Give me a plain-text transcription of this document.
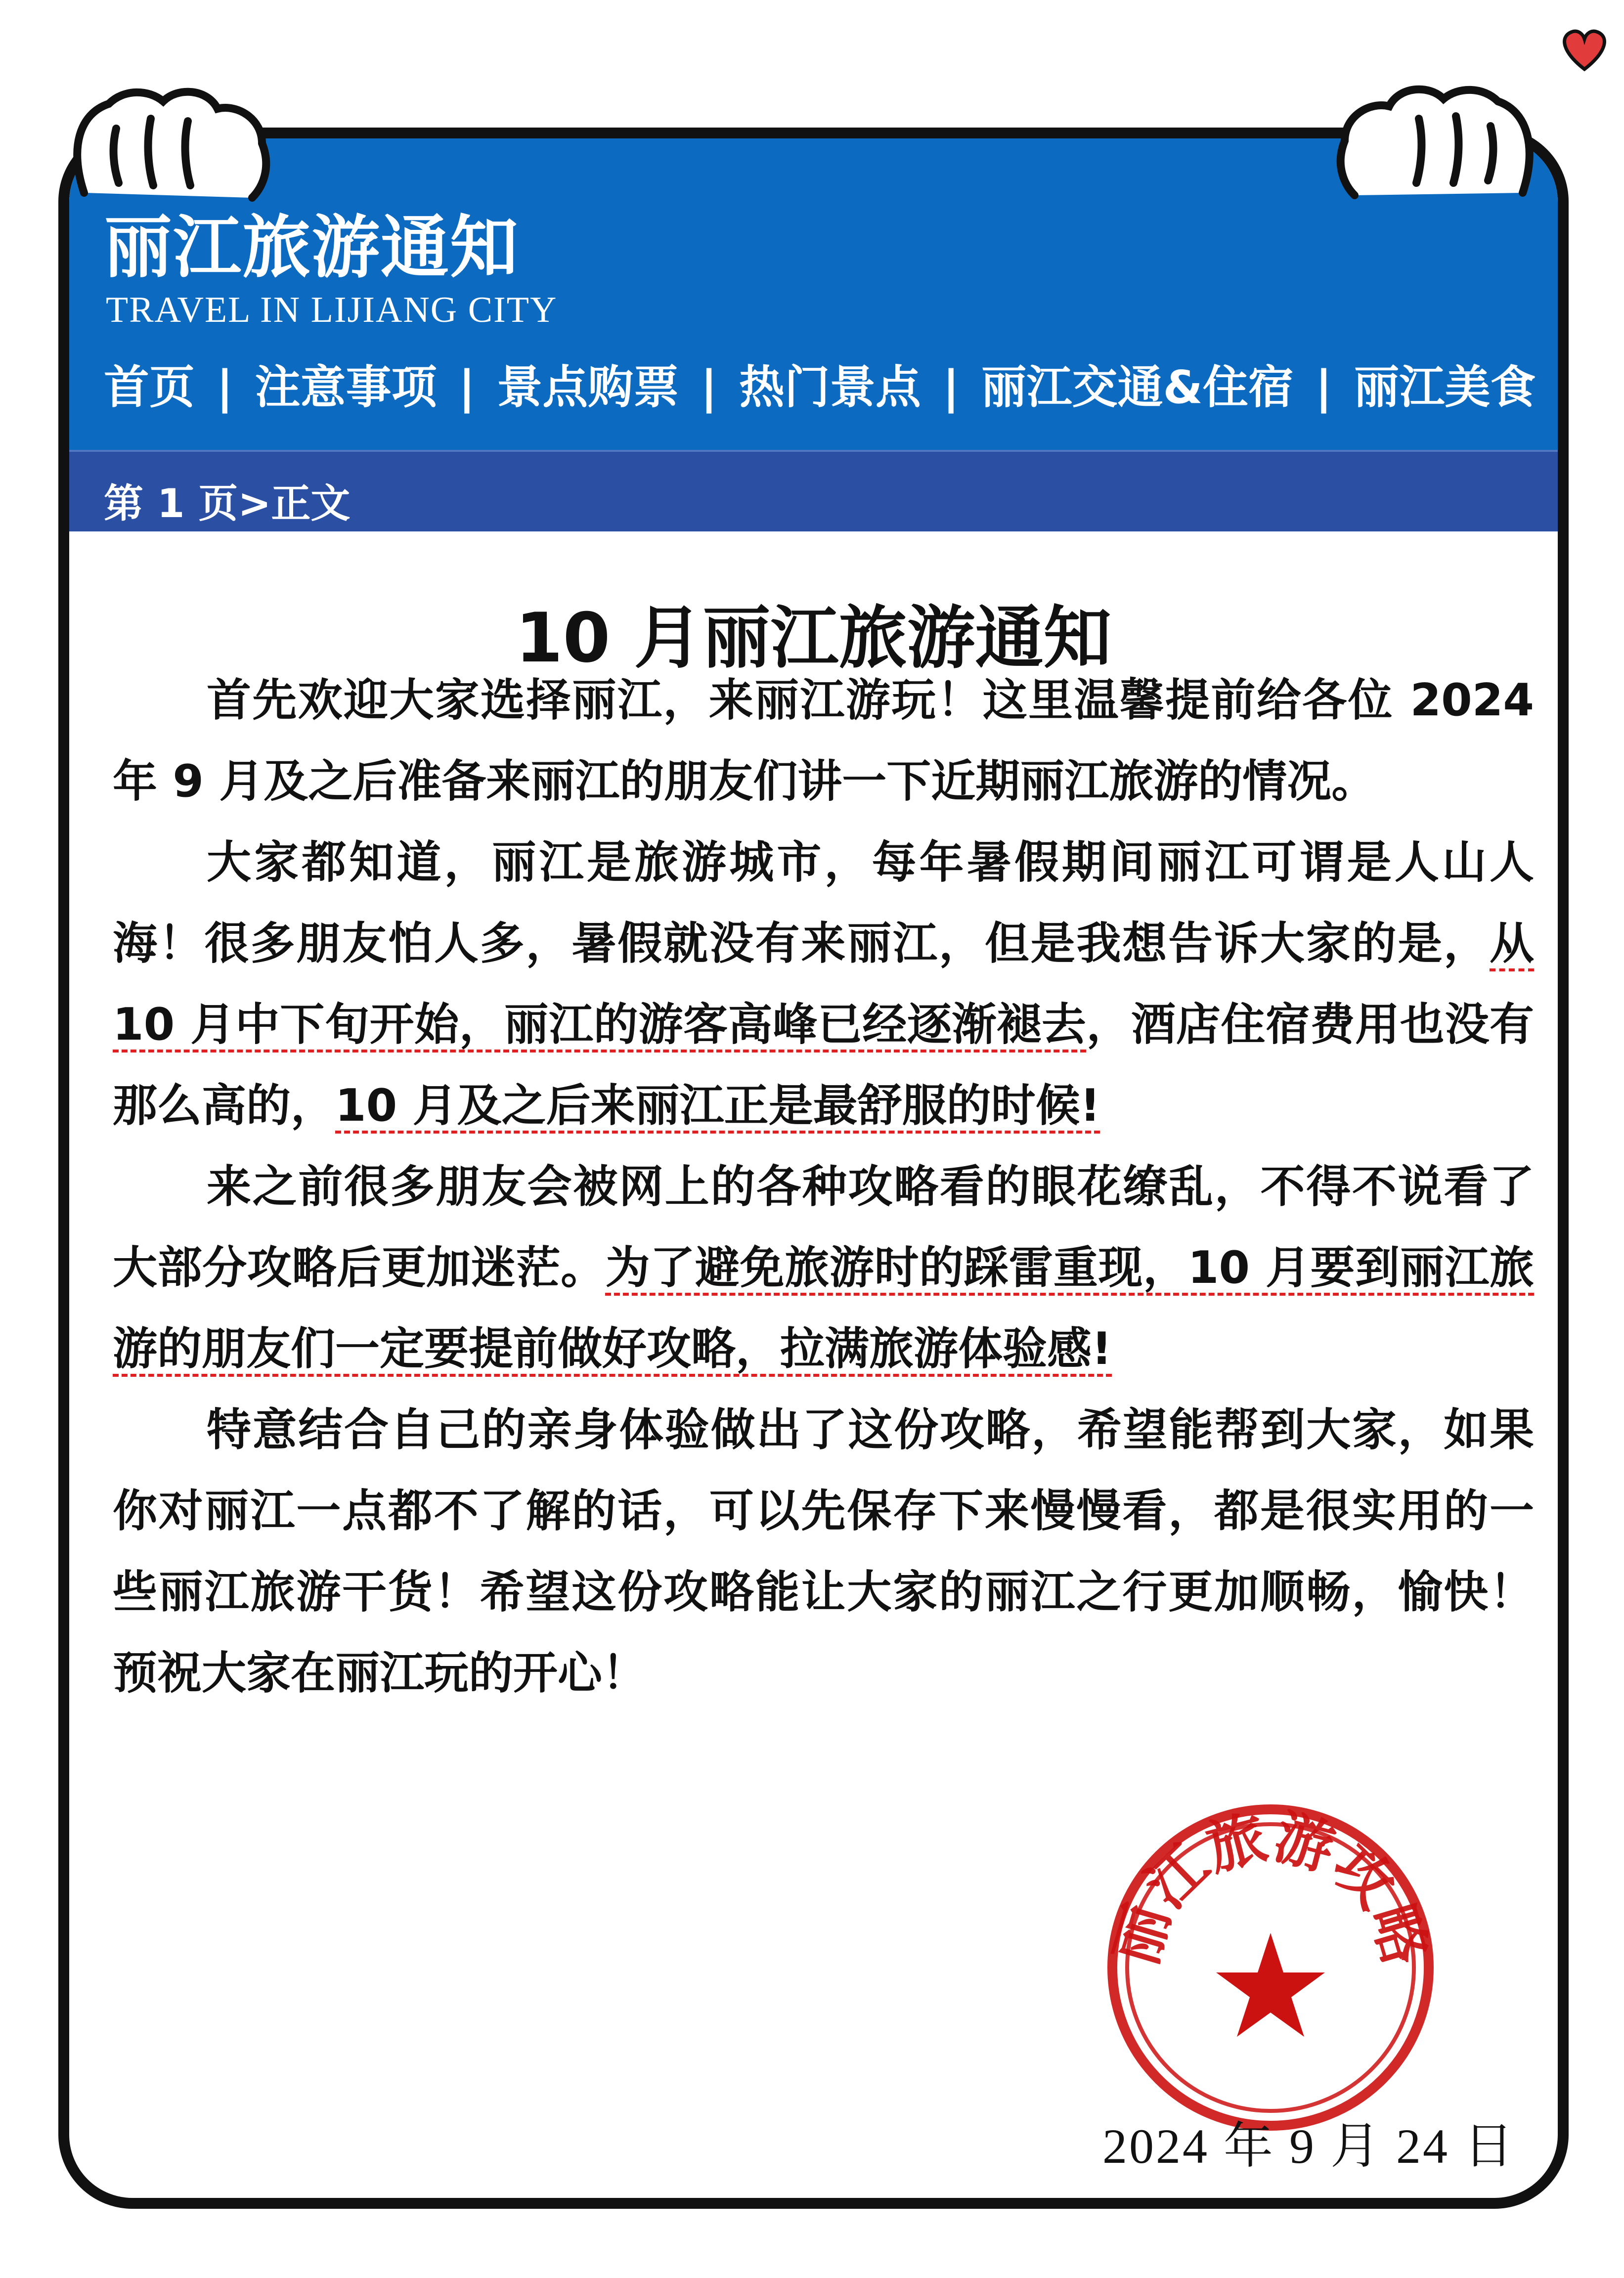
丽江旅游通知
TRAVEL IN LIJIANG CITY
首页 | 注意事项 | 景点购票 | 热门景点 | 丽江交通&住宿 | 丽江美食
第 1 页>正文
10 月丽江旅游通知

首先欢迎大家选择丽江，来丽江游玩！这里温馨提前给各位 2024 年 9 月及之后准备来丽江的朋友们讲一下近期丽江旅游的情况。

大家都知道，丽江是旅游城市，每年暑假期间丽江可谓是人山人海！很多朋友怕人多，暑假就没有来丽江，但是我想告诉大家的是，从 10 月中下旬开始，丽江的游客高峰已经逐渐褪去，酒店住宿费用也没有那么高的，10 月及之后来丽江正是最舒服的时候!

来之前很多朋友会被网上的各种攻略看的眼花缭乱，不得不说看了大部分攻略后更加迷茫。为了避免旅游时的踩雷重现，10 月要到丽江旅游的朋友们一定要提前做好攻略，拉满旅游体验感!

特意结合自己的亲身体验做出了这份攻略，希望能帮到大家，如果你对丽江一点都不了解的话，可以先保存下来慢慢看，都是很实用的一些丽江旅游干货！希望这份攻略能让大家的丽江之行更加顺畅，愉快！预祝大家在丽江玩的开心！

丽江旅游攻略
2024 年 9 月 24 日
